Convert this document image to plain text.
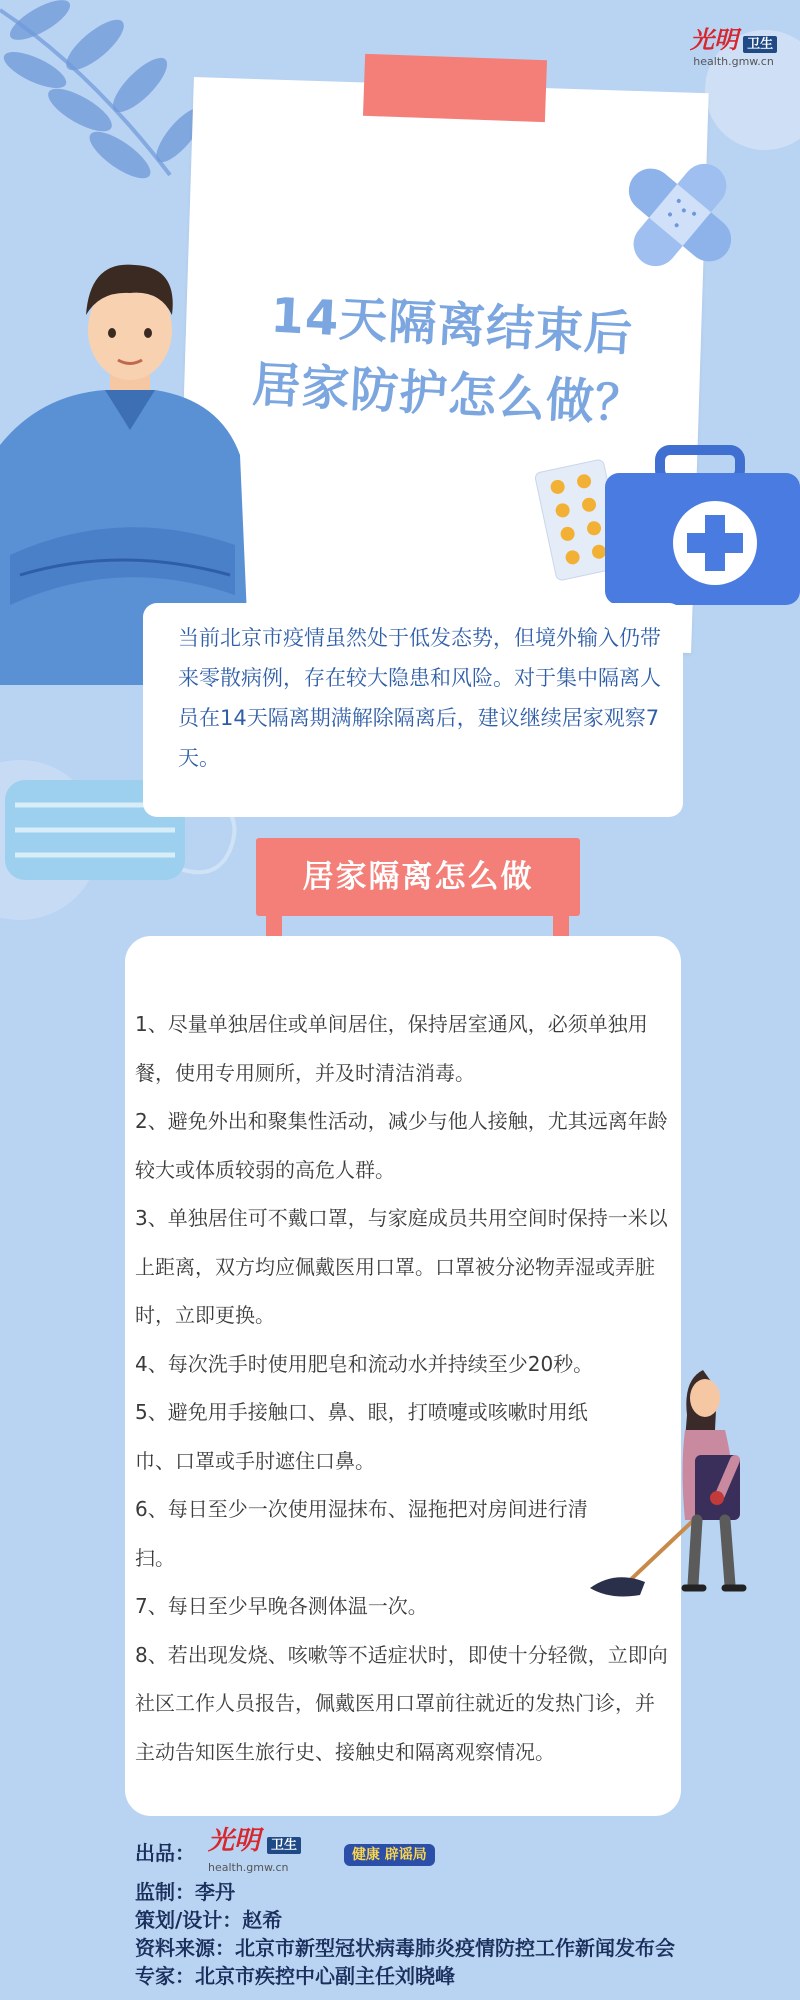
光明 卫生
health.gmw.cn
14天隔离结束后
居家防护怎么做？
当前北京市疫情虽然处于低发态势，但境外输入仍带来零散病例，存在较大隐患和风险。对于集中隔离人员在14天隔离期满解除隔离后，建议继续居家观察7天。
居家隔离怎么做
1、尽量单独居住或单间居住，保持居室通风，必须单独用餐，使用专用厕所，并及时清洁消毒。
2、避免外出和聚集性活动，减少与他人接触，尤其远离年龄较大或体质较弱的高危人群。
3、单独居住可不戴口罩，与家庭成员共用空间时保持一米以上距离，双方均应佩戴医用口罩。口罩被分泌物弄湿或弄脏时，立即更换。
4、每次洗手时使用肥皂和流动水并持续至少20秒。
5、避免用手接触口、鼻、眼，打喷嚏或咳嗽时用纸巾、口罩或手肘遮住口鼻。
6、每日至少一次使用湿抹布、湿拖把对房间进行清扫。
7、每日至少早晚各测体温一次。
8、若出现发烧、咳嗽等不适症状时，即使十分轻微，立即向社区工作人员报告，佩戴医用口罩前往就近的发热门诊，并主动告知医生旅行史、接触史和隔离观察情况。
出品： 光明 卫生
health.gmw.cn 健康 辟谣局
监制：李丹
策划/设计：赵希
资料来源：北京市新型冠状病毒肺炎疫情防控工作新闻发布会
专家：北京市疾控中心副主任刘晓峰
